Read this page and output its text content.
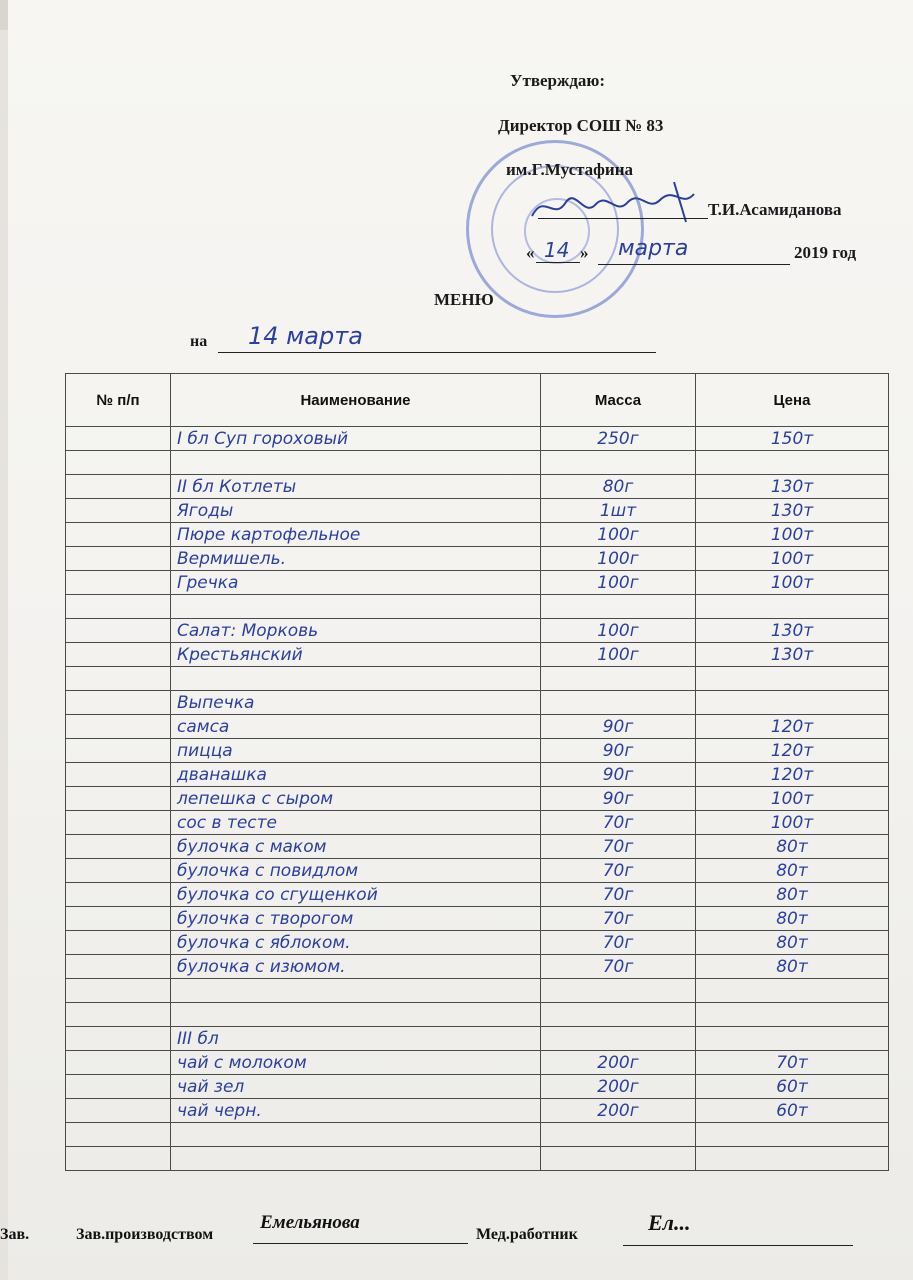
Утверждаю:
Директор СОШ № 83
им.Г.Мустафина
Т.И.Асамиданова
« 14 » марта	2019 год
МЕНЮ
на 14 марта
№ п/п	Наименование	Масса	Цена
	I бл Суп гороховый	250г	150т

	II бл Котлеты	80г	130т
	Ягоды	1шт	130т
	Пюре картофельное	100г	100т
	Вермишель.	100г	100т
	Гречка	100г	100т

	Салат: Морковь	100г	130т
	Крестьянский	100г	130т

	Выпечка		
	самса	90г	120т
	пицца	90г	120т
	дванашка	90г	120т
	лепешка с сыром	90г	100т
	сос в тесте	70г	100т
	булочка с маком	70г	80т
	булочка с повидлом	70г	80т
	булочка со сгущенкой	70г	80т
	булочка с творогом	70г	80т
	булочка с яблоком.	70г	80т
	булочка с изюмом.	70г	80т

	III бл		
	чай с молоком	200г	70т
	чай зел	200г	60т
	чай черн.	200г	60т

Зав.	Зав.производством
Емельянова
Мед.работник	Ел...
